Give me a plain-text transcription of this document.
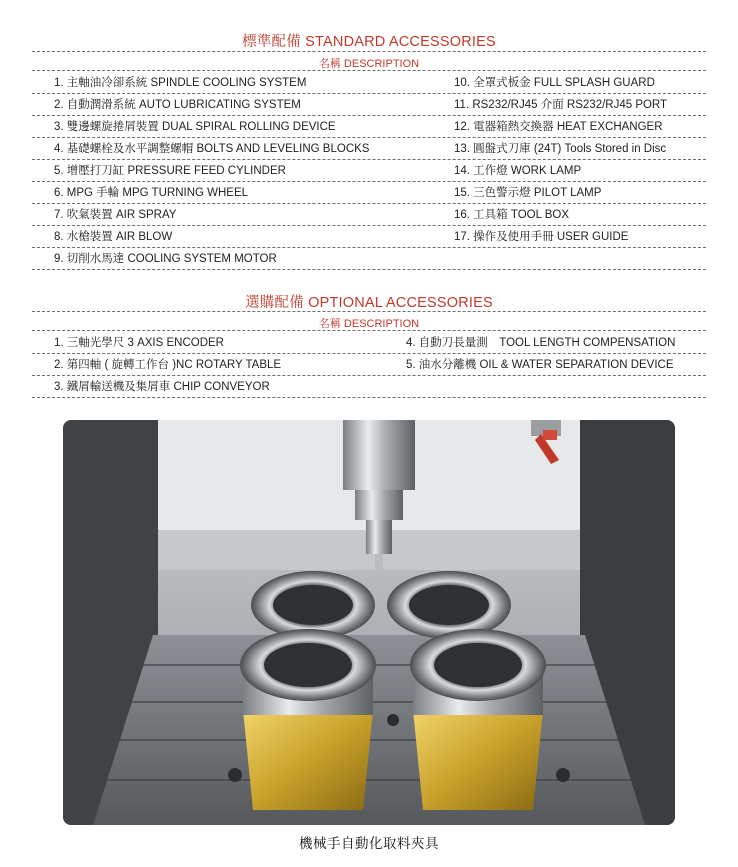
標準配備 STANDARD ACCESSORIES
名稱 DESCRIPTION
1. 主軸油冷卻系統 SPINDLE COOLING SYSTEM	10. 全罩式板金 FULL SPLASH GUARD
2. 自動潤滑系統 AUTO LUBRICATING SYSTEM	11. RS232/RJ45 介面 RS232/RJ45 PORT
3. 雙邊螺旋捲屑裝置 DUAL SPIRAL ROLLING DEVICE	12. 電器箱熱交換器 HEAT EXCHANGER
4. 基礎螺栓及水平調整螺帽 BOLTS AND LEVELING BLOCKS	13. 圓盤式刀庫 (24T) Tools Stored in Disc
5. 增壓打刀缸 PRESSURE FEED CYLINDER	14. 工作燈 WORK LAMP
6. MPG 手輪 MPG TURNING WHEEL	15. 三色警示燈 PILOT LAMP
7. 吹氣裝置 AIR SPRAY	16. 工具箱 TOOL BOX
8. 水槍裝置 AIR BLOW	17. 操作及使用手冊 USER GUIDE
9. 切削水馬達 COOLING SYSTEM MOTOR
選購配備 OPTIONAL ACCESSORIES
名稱 DESCRIPTION
1. 三軸光學尺 3 AXIS ENCODER	4. 自動刀長量測　TOOL LENGTH COMPENSATION
2. 第四軸 ( 旋轉工作台 )NC ROTARY TABLE	5. 油水分離機 OIL & WATER SEPARATION DEVICE
3. 鐵屑輸送機及集屑車 CHIP CONVEYOR
機械手自動化取料夾具
